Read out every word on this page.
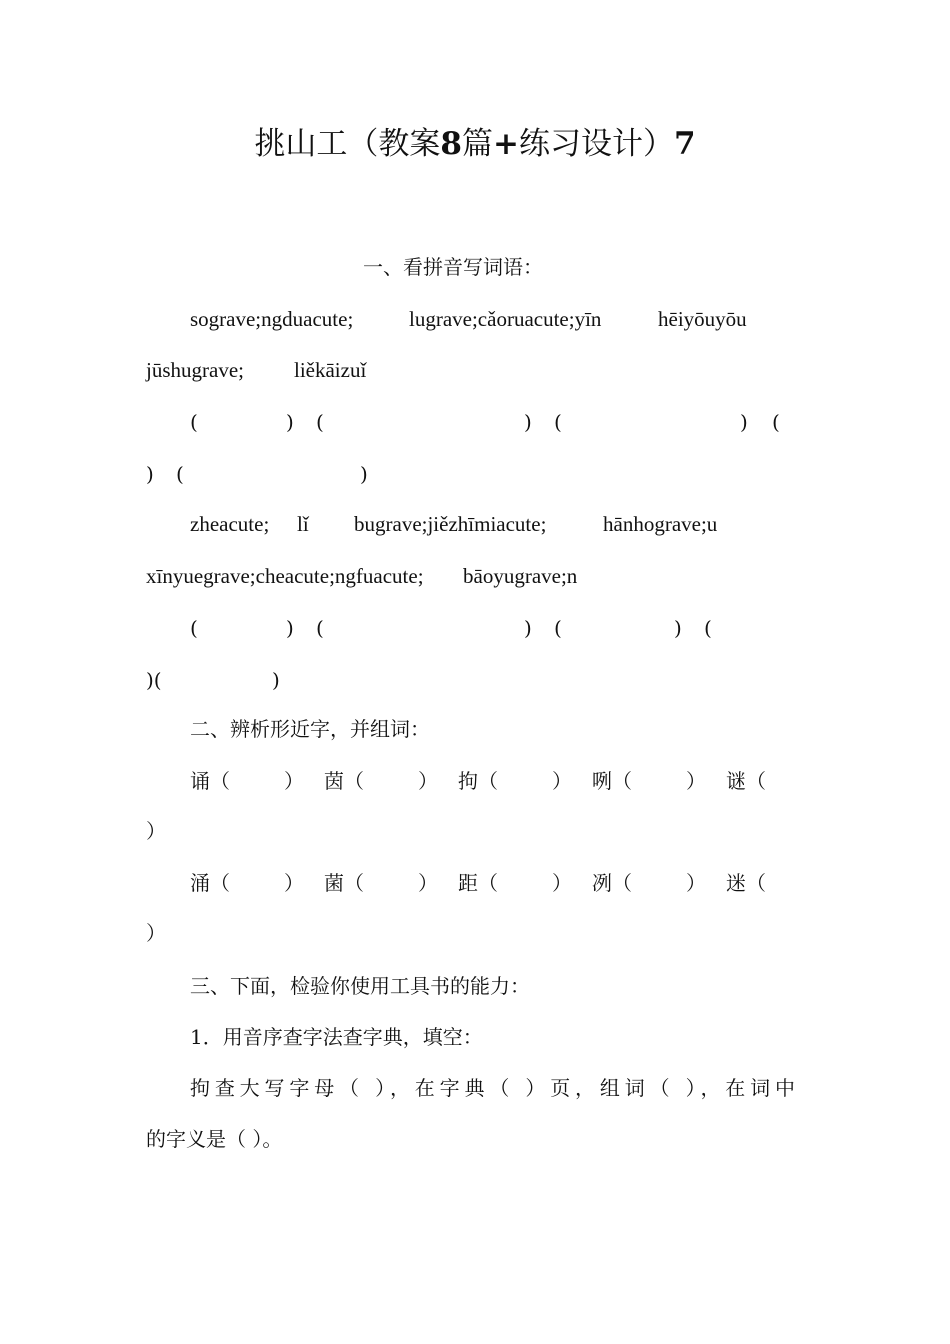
挑山工（教案8篇+练习设计）7
一、看拼音写词语：
sograve;ngduacute;	lugrave;cǎoruacute;yīn	hēiyōuyōu
jūshugrave; liěkāizuǐ
(	) (	) (	) (
) (	)
zheacute; lǐ bugrave;jiězhīmiacute;	hānhograve;u
xīnyuegrave;cheacute;ngfuacute; bāoyugrave;n
(	) (	) (	) (
)(	)
二、辨析形近字，并组词：
诵（	） 茵（	） 拘（	） 咧（	） 谜（
）
涌（	） 菌（	） 距（	） 冽（	） 迷（
）
三、下面，检验你使用工具书的能力：
1．用音序查字法查字典，填空：
拘查大写字母（ ），在字典（ ）页，组词（ ），在词中
的字义是（ ）。
